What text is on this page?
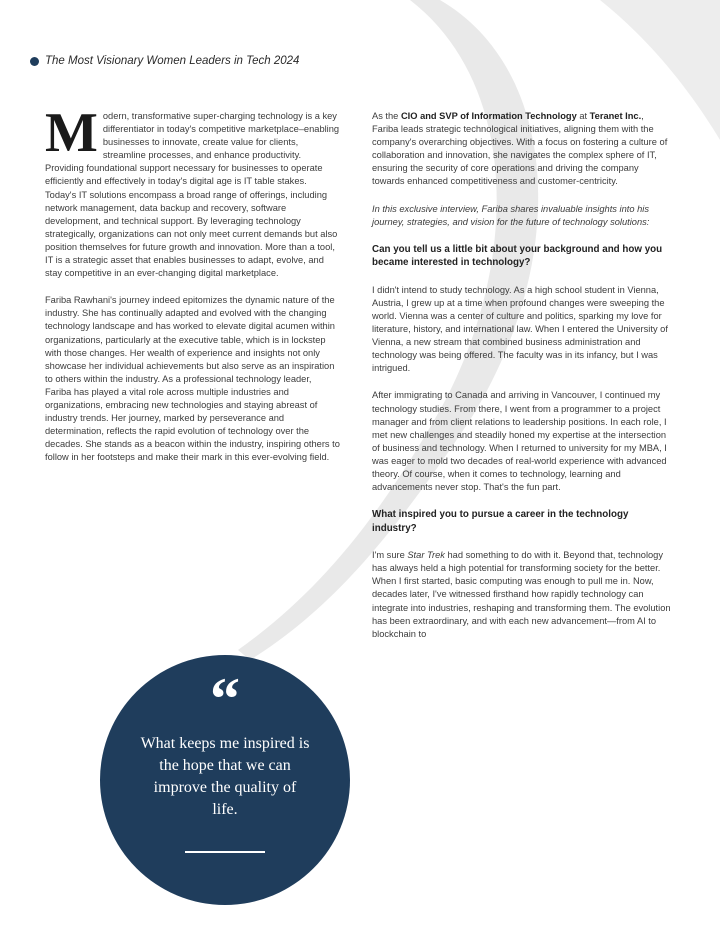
The Most Visionary Women Leaders in Tech 2024

Modern, transformative super-charging technology is a key differentiator in today's competitive marketplace–enabling businesses to innovate, create value for clients, streamline processes, and enhance productivity. Providing foundational support necessary for businesses to operate efficiently and effectively in today's digital age is IT table stakes. Today's IT solutions encompass a broad range of offerings, including network management, data backup and recovery, software development, and technical support. By leveraging technology strategically, organizations can not only meet current demands but also position themselves for future growth and innovation. More than a tool, IT is a strategic asset that enables businesses to adapt, evolve, and stay competitive in an ever-changing digital marketplace.

Fariba Rawhani's journey indeed epitomizes the dynamic nature of the industry. She has continually adapted and evolved with the changing technology landscape and has worked to elevate digital acumen within organizations, particularly at the executive table, which is in lockstep with those changes. Her wealth of experience and insights not only showcase her individual achievements but also serve as an inspiration to others within the industry. As a professional technology leader, Fariba has played a vital role across multiple industries and organizations, embracing new technologies and staying abreast of industry trends. Her journey, marked by perseverance and determination, reflects the rapid evolution of technology over the decades. She stands as a beacon within the industry, inspiring others to follow in her footsteps and make their mark in this ever-evolving field.

As the CIO and SVP of Information Technology at Teranet Inc., Fariba leads strategic technological initiatives, aligning them with the company's overarching objectives. With a focus on fostering a culture of collaboration and innovation, she navigates the complex sphere of IT, ensuring the security of core operations and driving the company towards enhanced competitiveness and customer-centricity.

In this exclusive interview, Fariba shares invaluable insights into his journey, strategies, and vision for the future of technology solutions:

Can you tell us a little bit about your background and how you became interested in technology?

I didn't intend to study technology. As a high school student in Vienna, Austria, I grew up at a time when profound changes were sweeping the world. Vienna was a center of culture and politics, sparking my love for literature, history, and international law. When I entered the University of Vienna, a new stream that combined business administration and technology was being offered. The faculty was in its infancy, but I was intrigued.

After immigrating to Canada and arriving in Vancouver, I continued my technology studies. From there, I went from a programmer to a project manager and from client relations to leadership positions. In each role, I met new challenges and steadily honed my expertise at the intersection of business and technology. When I returned to university for my MBA, I was eager to mold two decades of real-world experience with advanced theory. Of course, when it comes to technology, learning and advancements never stop. That's the fun part.

What inspired you to pursue a career in the technology industry?

I'm sure Star Trek had something to do with it. Beyond that, technology has always held a high potential for transforming society for the better. When I first started, basic computing was enough to pull me in. Now, decades later, I've witnessed firsthand how rapidly technology can integrate into industries, reshaping and transforming them. The evolution has been extraordinary, and with each new advancement—from AI to blockchain to

“
What keeps me inspired is the hope that we can improve the quality of life.
